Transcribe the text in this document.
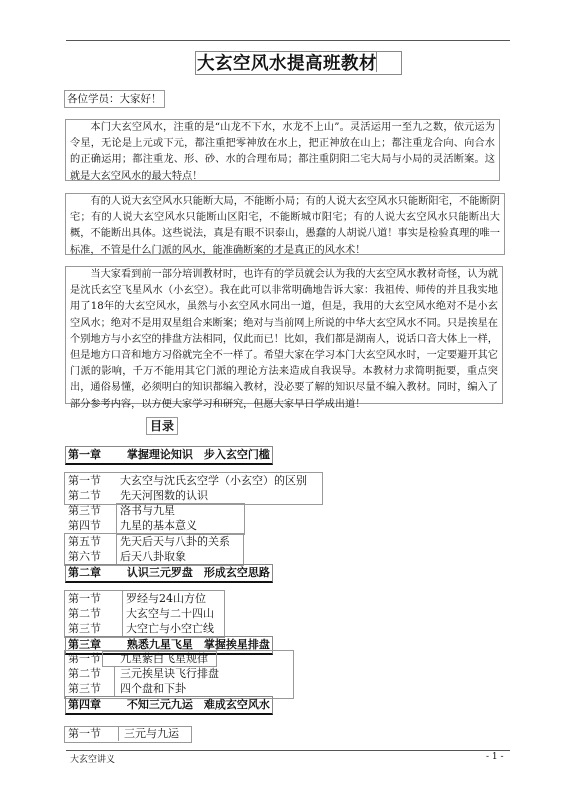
大玄空风水提高班教材
各位学员：大家好！
本门大玄空风水，注重的是“山龙不下水，水龙不上山”。灵活运用一至九之数，依元运为令星，无论是上元或下元，都注重把零神放在水上，把正神放在山上；都注重龙合向、向合水的正确运用；都注重龙、形、砂、水的合理布局；都注重阴阳二宅大局与小局的灵活断案。这就是大玄空风水的最大特点！
有的人说大玄空风水只能断大局，不能断小局；有的人说大玄空风水只能断阳宅，不能断阴宅；有的人说大玄空风水只能断山区阳宅，不能断城市阳宅；有的人说大玄空风水只能断出大概，不能断出具体。这些说法，真是有眼不识泰山，愚蠢的人胡说八道！事实是检验真理的唯一标准，不管是什么门派的风水，能准确断案的才是真正的风水术！
当大家看到前一部分培训教材时，也许有的学员就会认为我的大玄空风水教材奇怪，认为就是沈氏玄空飞星风水（小玄空）。我在此可以非常明确地告诉大家：我祖传、师传的并且我实地用了18年的大玄空风水，虽然与小玄空风水同出一道，但是，我用的大玄空风水绝对不是小玄空风水；绝对不是用双星组合来断案；绝对与当前网上所说的中华大玄空风水不同。只是挨星在个别地方与小玄空的排盘方法相同，仅此而已！比如，我们都是湖南人，说话口音大体上一样，但是地方口音和地方习俗就完全不一样了。希望大家在学习本门大玄空风水时，一定要避开其它门派的影响，千万不能用其它门派的理论方法来造成自我误导。本教材力求简明扼要，重点突出，通俗易懂，必须明白的知识都编入教材，没必要了解的知识尽量不编入教材。同时，编入了部分参考内容，以方便大家学习和研究，但愿大家早日学成出道！
目录
第一章　　 掌握理论知识　步入玄空门槛
第一节 大玄空与沈氏玄空学（小玄空）的区别
第二节 先天河图数的认识
第三节 洛书与九星
第四节 九星的基本意义
第五节 先天后天与八卦的关系
第六节 后天八卦取象
第二章　　 认识三元罗盘　形成玄空思路
第一节 罗经与24山方位
第二节 大玄空与二十四山
第三节 大空亡与小空亡线
第三章　　 熟悉九星飞星　掌握挨星排盘
第一节 九星紫白飞星规律
第二节 三元挨星诀飞行排盘
第三节 四个盘和下卦
第四章　　 不知三元九运　难成玄空风水
第一节 三元与九运
大玄空讲义	- 1 -
